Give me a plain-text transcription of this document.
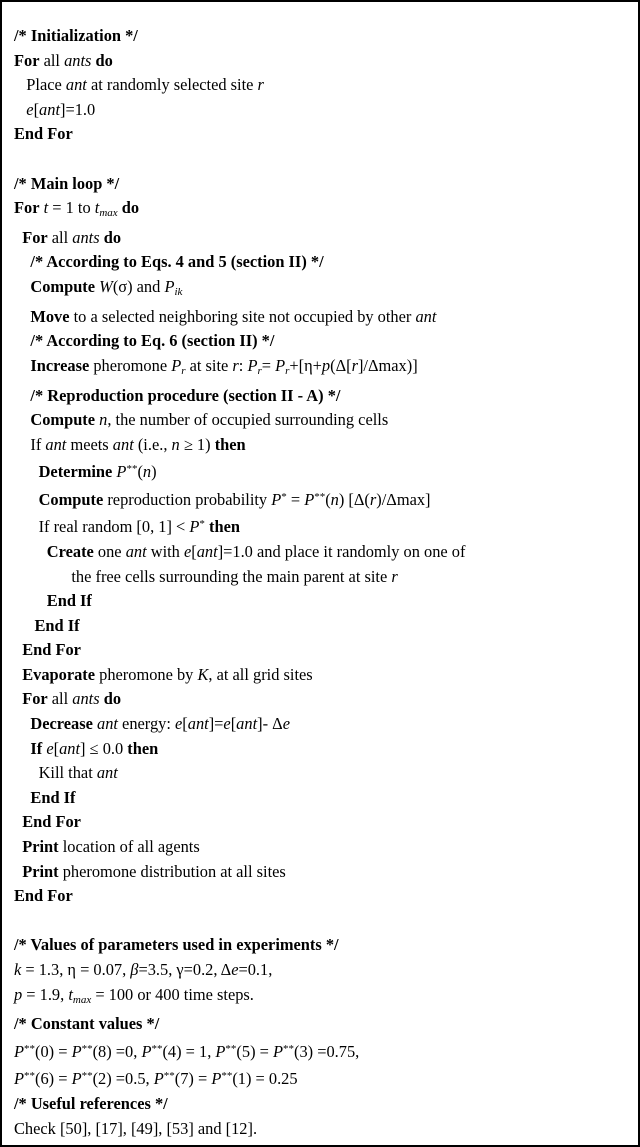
/* Initialization */
For all ants do
Place ant at randomly selected site r
e[ant]=1.0
End For
/* Main loop */
For t = 1 to $t_{max}$ do
For all ants do
/* According to Eqs. 4 and 5 (section II) */
Compute W(σ) and $P_{ik}$
Move to a selected neighboring site not occupied by other ant
/* According to Eq. 6 (section II) */
Increase pheromone $P_r$ at site r: $P_r= P_r+[\eta+p(\Delta[r]/\Delta\max)]$
/* Reproduction procedure (section II - A) */
Compute n, the number of occupied surrounding cells
If ant meets ant (i.e., n ≥ 1) then
Determine P**(n)
Compute reproduction probability P* = P**(n) [Δ(r)/Δmax]
If real random [0, 1] < P* then
Create one ant with e[ant]=1.0 and place it randomly on one of
the free cells surrounding the main parent at site r
End If
End If
End For
Evaporate pheromone by K, at all grid sites
For all ants do
Decrease ant energy: e[ant]=e[ant]- Δe
If e[ant] ≤ 0.0 then
Kill that ant
End If
End For
Print location of all agents
Print pheromone distribution at all sites
End For
/* Values of parameters used in experiments */
k = 1.3, η = 0.07, β=3.5, γ=0.2, Δe=0.1,
p = 1.9, $t_{max} = 100$ or 400 time steps.
/* Constant values */
P**(0) = P**(8) =0, P**(4) = 1, P**(5) = P**(3) =0.75,
P**(6) = P**(2) =0.5, P**(7) = P**(1) = 0.25
/* Useful references */
Check [50], [17], [49], [53] and [12].
